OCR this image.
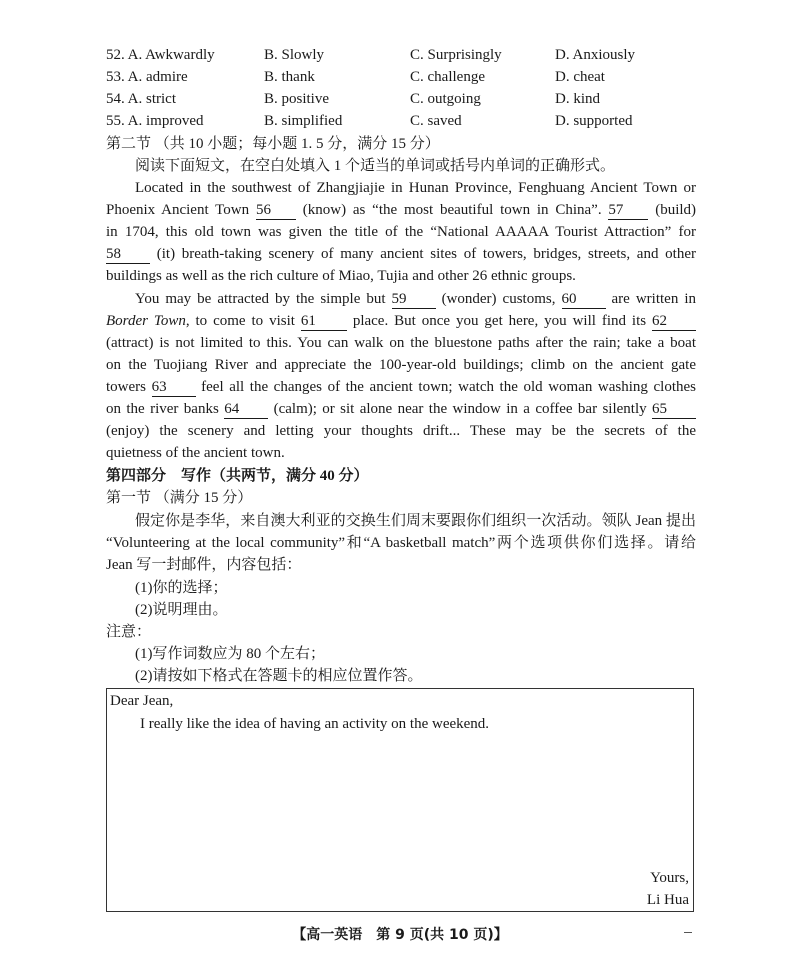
52. A. Awkwardly	B. Slowly	C. Surprisingly	D. Anxiously
53. A. admire	B. thank	C. challenge	D. cheat
54. A. strict	B. positive	C. outgoing	D. kind
55. A. improved	B. simplified	C. saved	D. supported
第二节 （共 10 小题；每小题 1. 5 分，满分 15 分）
阅读下面短文，在空白处填入 1 个适当的单词或括号内单词的正确形式。
Located in the southwest of Zhangjiajie in Hunan Province, Fenghuang Ancient Town or
Phoenix Ancient Town 56 (know) as “the most beautiful town in China”. 57 (build)
in 1704, this old town was given the title of the “National AAAAA Tourist Attraction” for
58 (it) breath-taking scenery of many ancient sites of towers, bridges, streets, and other
buildings as well as the rich culture of Miao, Tujia and other 26 ethnic groups.
You may be attracted by the simple but 59 (wonder) customs, 60 are written in
Border Town, to come to visit 61 place. But once you get here, you will find its 62
(attract) is not limited to this. You can walk on the bluestone paths after the rain; take a boat
on the Tuojiang River and appreciate the 100-year-old buildings; climb on the ancient gate
towers 63 feel all the changes of the ancient town; watch the old woman washing clothes
on the river banks 64 (calm); or sit alone near the window in a coffee bar silently 65
(enjoy) the scenery and letting your thoughts drift... These may be the secrets of the
quietness of the ancient town.
第四部分　写作（共两节，满分 40 分）
第一节 （满分 15 分）
假定你是李华，来自澳大利亚的交换生们周末要跟你们组织一次活动。领队 Jean 提出
“Volunteering at the local community”和“A basketball match”两个选项供你们选择。请给
Jean 写一封邮件，内容包括：
(1)你的选择；
(2)说明理由。
注意：
(1)写作词数应为 80 个左右；
(2)请按如下格式在答题卡的相应位置作答。
Dear Jean,
I really like the idea of having an activity on the weekend.
Yours,
Li Hua
【高一英语　第 9 页(共 10 页)】
